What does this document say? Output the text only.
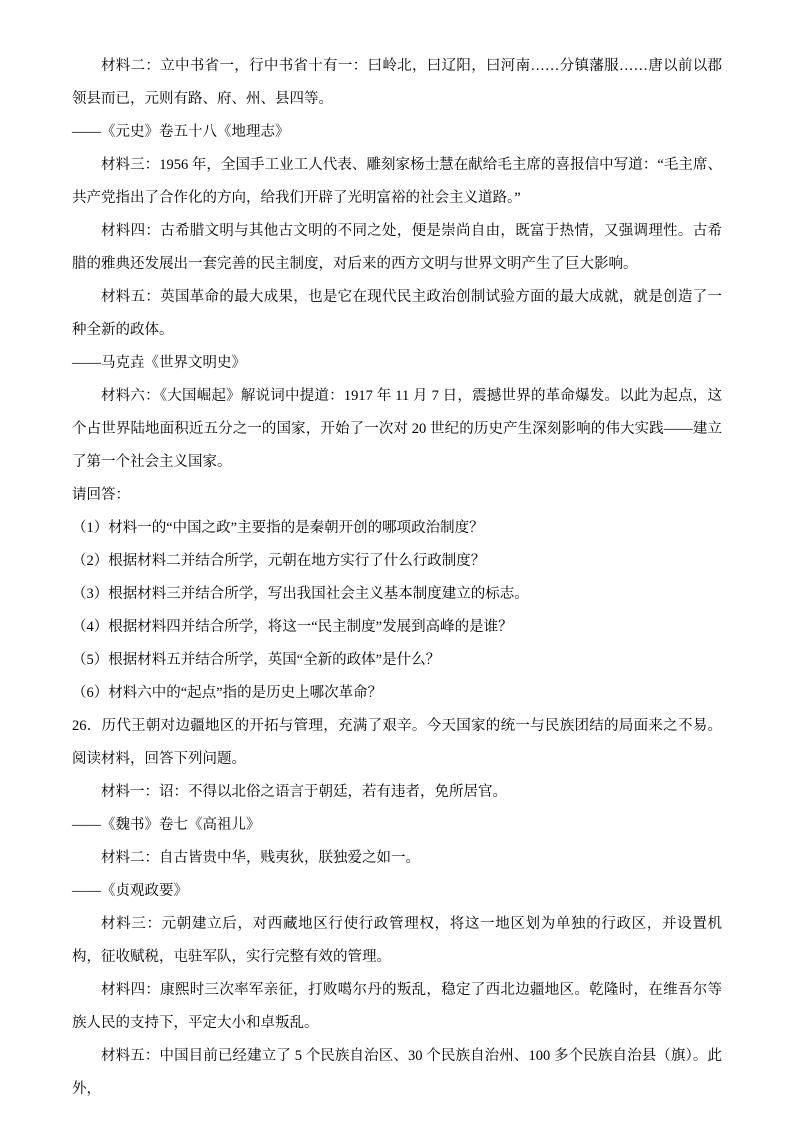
材料二：立中书省一，行中书省十有一：曰岭北，曰辽阳，曰河南……分镇藩服……唐以前以郡领县而已，元则有路、府、州、县四等。

——《元史》卷五十八《地理志》

材料三：1956 年，全国手工业工人代表、雕刻家杨士慧在献给毛主席的喜报信中写道：“毛主席、共产党指出了合作化的方向，给我们开辟了光明富裕的社会主义道路。”

材料四：古希腊文明与其他古文明的不同之处，便是崇尚自由，既富于热情，又强调理性。古希腊的雅典还发展出一套完善的民主制度，对后来的西方文明与世界文明产生了巨大影响。

材料五：英国革命的最大成果，也是它在现代民主政治创制试验方面的最大成就，就是创造了一种全新的政体。

——马克垚《世界文明史》

材料六：《大国崛起》解说词中提道：1917 年 11 月 7 日，震撼世界的革命爆发。以此为起点，这个占世界陆地面积近五分之一的国家，开始了一次对 20 世纪的历史产生深刻影响的伟大实践——建立了第一个社会主义国家。

请回答：

（1）材料一的“中国之政”主要指的是秦朝开创的哪项政治制度？

（2）根据材料二并结合所学，元朝在地方实行了什么行政制度？

（3）根据材料三并结合所学，写出我国社会主义基本制度建立的标志。

（4）根据材料四并结合所学，将这一“民主制度”发展到高峰的是谁？

（5）根据材料五并结合所学，英国“全新的政体”是什么？

（6）材料六中的“起点”指的是历史上哪次革命？

26．历代王朝对边疆地区的开拓与管理，充满了艰辛。今天国家的统一与民族团结的局面来之不易。阅读材料，回答下列问题。

材料一：诏：不得以北俗之语言于朝廷，若有违者，免所居官。

——《魏书》卷七《高祖儿》

材料二：自古皆贵中华，贱夷狄，朕独爱之如一。

——《贞观政要》

材料三：元朝建立后，对西藏地区行使行政管理权，将这一地区划为单独的行政区，并设置机构，征收赋税，屯驻军队，实行完整有效的管理。

材料四：康熙时三次率军亲征，打败噶尔丹的叛乱，稳定了西北边疆地区。乾隆时，在维吾尔等族人民的支持下，平定大小和卓叛乱。

材料五：中国目前已经建立了 5 个民族自治区、30 个民族自治州、100 多个民族自治县（旗）。此外，
